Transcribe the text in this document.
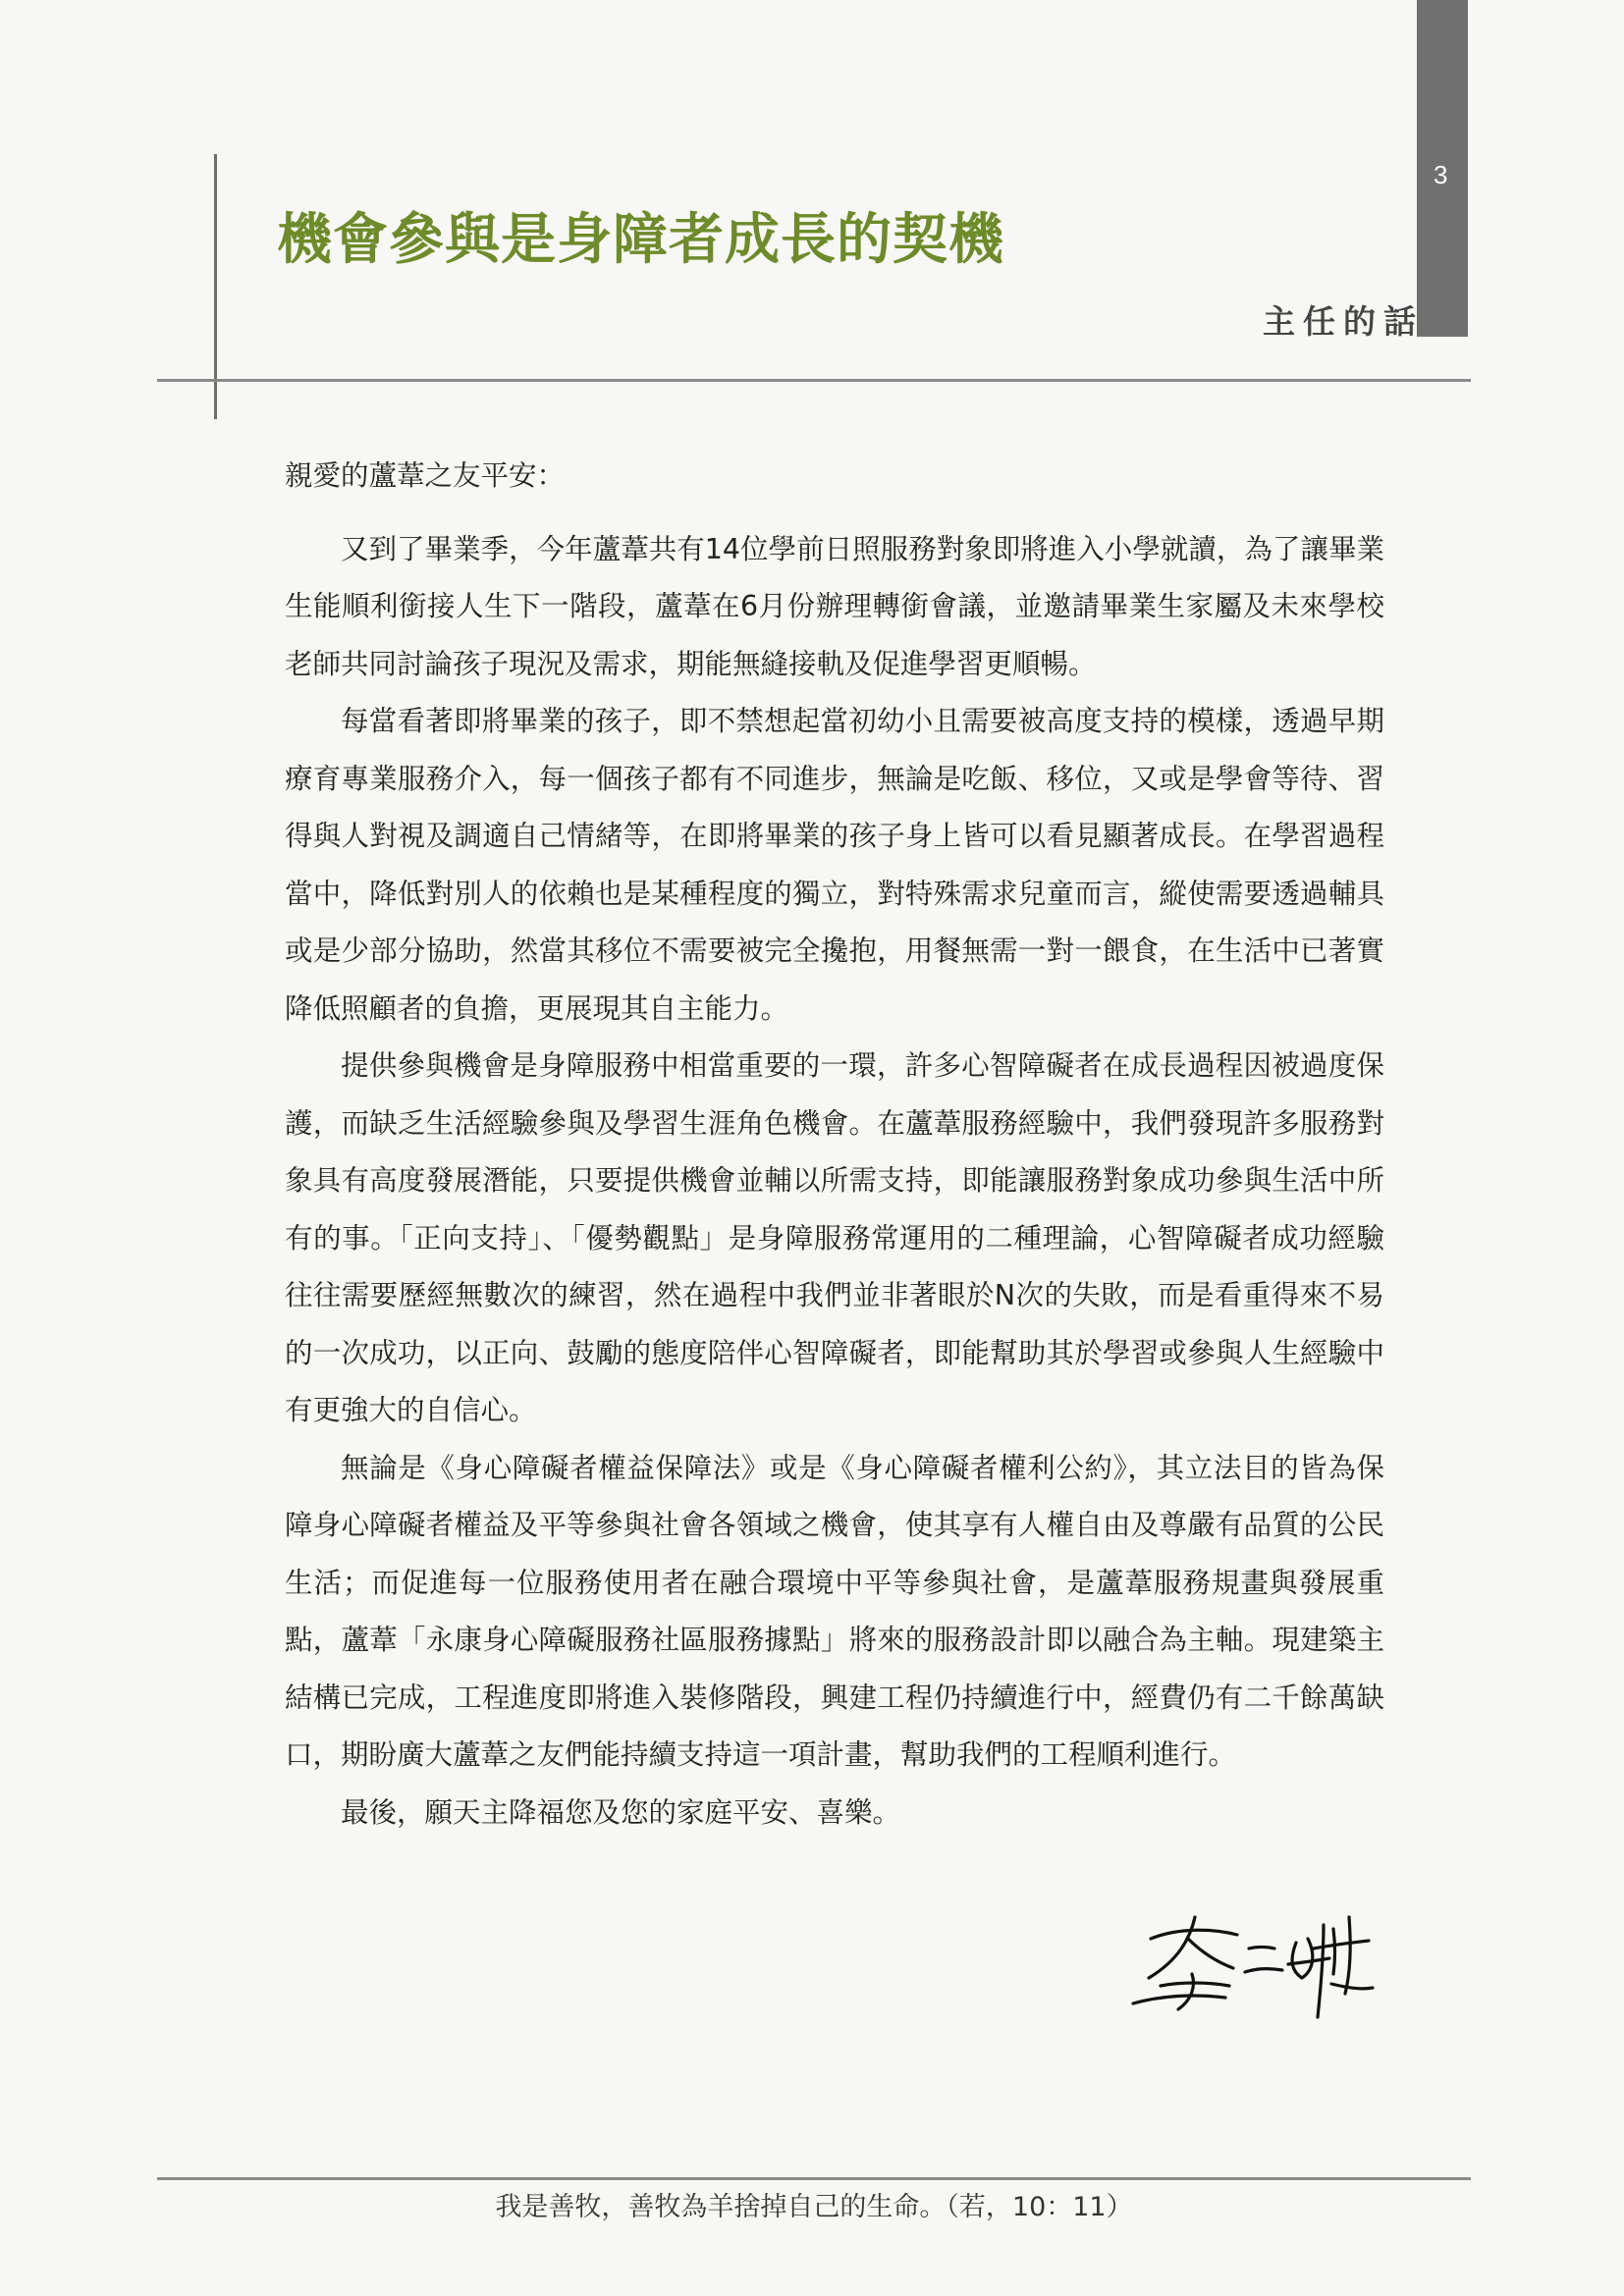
3
機會參與是身障者成長的契機
主任的話

親愛的蘆葦之友平安：

又到了畢業季，今年蘆葦共有14位學前日照服務對象即將進入小學就讀，為了讓畢業生能順利銜接人生下一階段，蘆葦在6月份辦理轉銜會議，並邀請畢業生家屬及未來學校老師共同討論孩子現況及需求，期能無縫接軌及促進學習更順暢。

每當看著即將畢業的孩子，即不禁想起當初幼小且需要被高度支持的模樣，透過早期療育專業服務介入，每一個孩子都有不同進步，無論是吃飯、移位，又或是學會等待、習得與人對視及調適自己情緒等，在即將畢業的孩子身上皆可以看見顯著成長。在學習過程當中，降低對別人的依賴也是某種程度的獨立，對特殊需求兒童而言，縱使需要透過輔具或是少部分協助，然當其移位不需要被完全攙抱，用餐無需一對一餵食，在生活中已著實降低照顧者的負擔，更展現其自主能力。

提供參與機會是身障服務中相當重要的一環，許多心智障礙者在成長過程因被過度保護，而缺乏生活經驗參與及學習生涯角色機會。在蘆葦服務經驗中，我們發現許多服務對象具有高度發展潛能，只要提供機會並輔以所需支持，即能讓服務對象成功參與生活中所有的事。「正向支持」、「優勢觀點」是身障服務常運用的二種理論，心智障礙者成功經驗往往需要歷經無數次的練習，然在過程中我們並非著眼於N次的失敗，而是看重得來不易的一次成功，以正向、鼓勵的態度陪伴心智障礙者，即能幫助其於學習或參與人生經驗中有更強大的自信心。

無論是《身心障礙者權益保障法》或是《身心障礙者權利公約》，其立法目的皆為保障身心障礙者權益及平等參與社會各領域之機會，使其享有人權自由及尊嚴有品質的公民生活；而促進每一位服務使用者在融合環境中平等參與社會，是蘆葦服務規畫與發展重點，蘆葦「永康身心障礙服務社區服務據點」將來的服務設計即以融合為主軸。現建築主結構已完成，工程進度即將進入裝修階段，興建工程仍持續進行中，經費仍有二千餘萬缺口，期盼廣大蘆葦之友們能持續支持這一項計畫，幫助我們的工程順利進行。

最後，願天主降福您及您的家庭平安、喜樂。

我是善牧，善牧為羊捨掉自己的生命。（若，10：11）
